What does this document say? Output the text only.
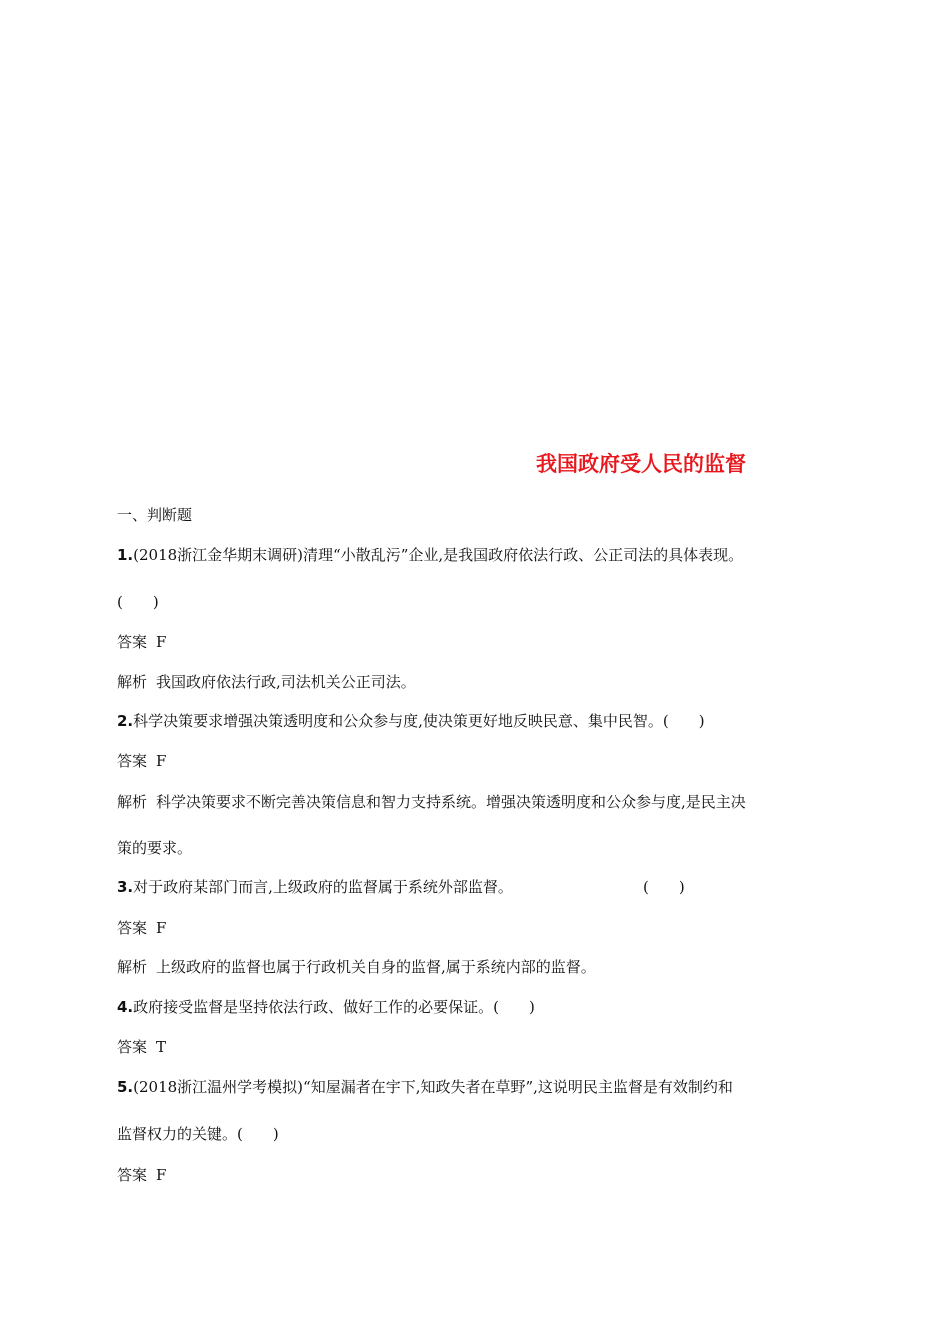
我国政府受人民的监督
一、判断题
1.(2018浙江金华期末调研)清理“小散乱污”企业,是我国政府依法行政、公正司法的具体表现。
(　　)
答案 F
解析 我国政府依法行政,司法机关公正司法。
2.科学决策要求增强决策透明度和公众参与度,使决策更好地反映民意、集中民智。(　　)
答案 F
解析 科学决策要求不断完善决策信息和智力支持系统。增强决策透明度和公众参与度,是民主决
策的要求。
3.对于政府某部门而言,上级政府的监督属于系统外部监督。	(　　)
答案 F
解析 上级政府的监督也属于行政机关自身的监督,属于系统内部的监督。
4.政府接受监督是坚持依法行政、做好工作的必要保证。(　　)
答案 T
5.(2018浙江温州学考模拟)“知屋漏者在宇下,知政失者在草野”,这说明民主监督是有效制约和
监督权力的关键。(　　)
答案 F
